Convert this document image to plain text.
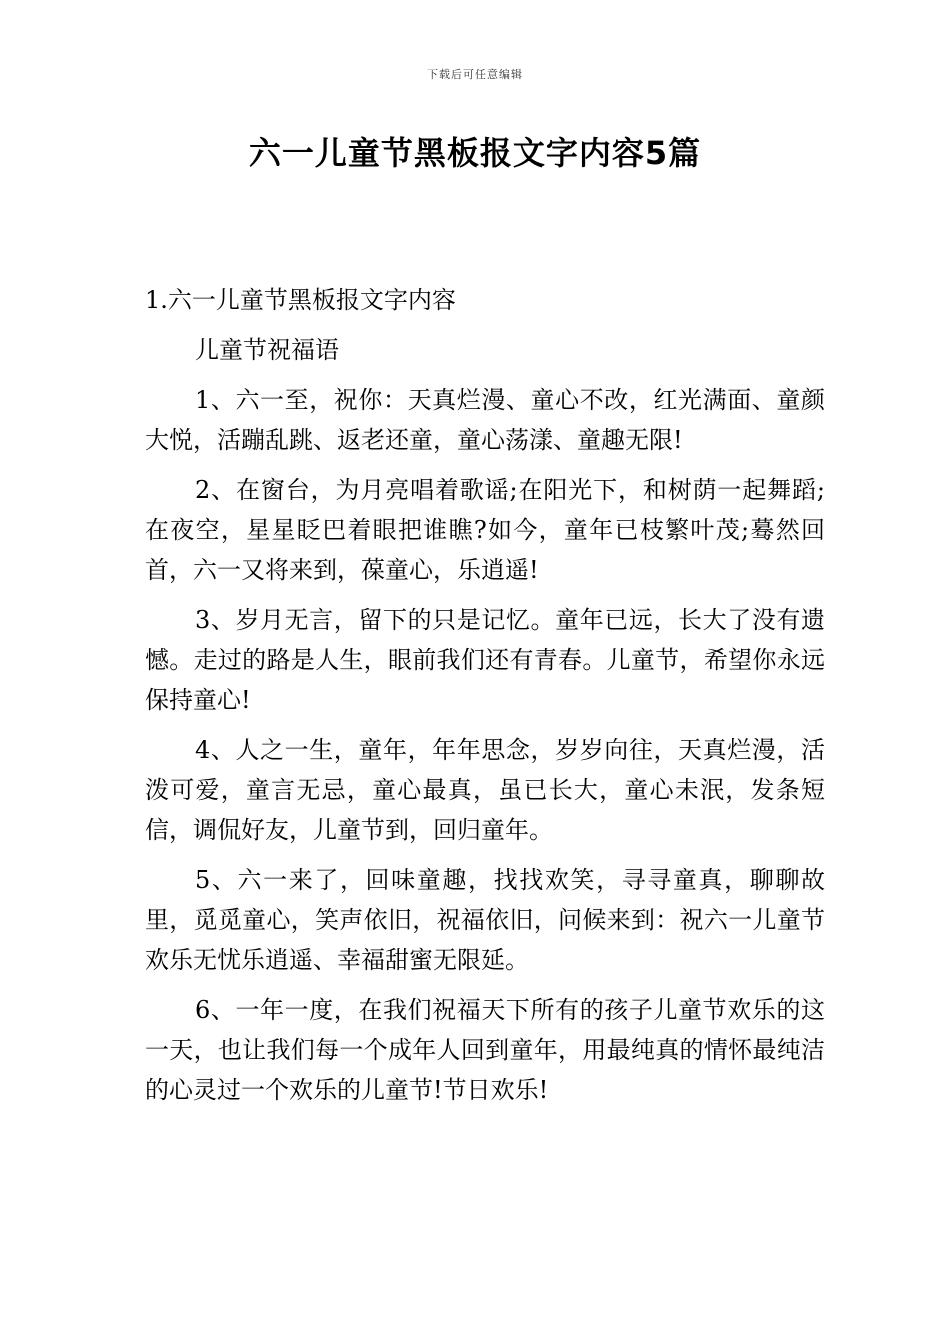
下载后可任意编辑
六一儿童节黑板报文字内容5篇
1.六一儿童节黑板报文字内容

儿童节祝福语

1、六一至，祝你：天真烂漫、童心不改，红光满面、童颜大悦，活蹦乱跳、返老还童，童心荡漾、童趣无限!

2、在窗台，为月亮唱着歌谣;在阳光下，和树荫一起舞蹈;在夜空，星星眨巴着眼把谁瞧?如今，童年已枝繁叶茂;蓦然回首，六一又将来到，葆童心，乐逍遥!

3、岁月无言，留下的只是记忆。童年已远，长大了没有遗憾。走过的路是人生，眼前我们还有青春。儿童节，希望你永远保持童心!

4、人之一生，童年，年年思念，岁岁向往，天真烂漫，活泼可爱，童言无忌，童心最真，虽已长大，童心未泯，发条短信，调侃好友，儿童节到，回归童年。

5、六一来了，回味童趣，找找欢笑，寻寻童真，聊聊故里，觅觅童心，笑声依旧，祝福依旧，问候来到：祝六一儿童节欢乐无忧乐逍遥、幸福甜蜜无限延。

6、一年一度，在我们祝福天下所有的孩子儿童节欢乐的这一天，也让我们每一个成年人回到童年，用最纯真的情怀最纯洁的心灵过一个欢乐的儿童节!节日欢乐!
